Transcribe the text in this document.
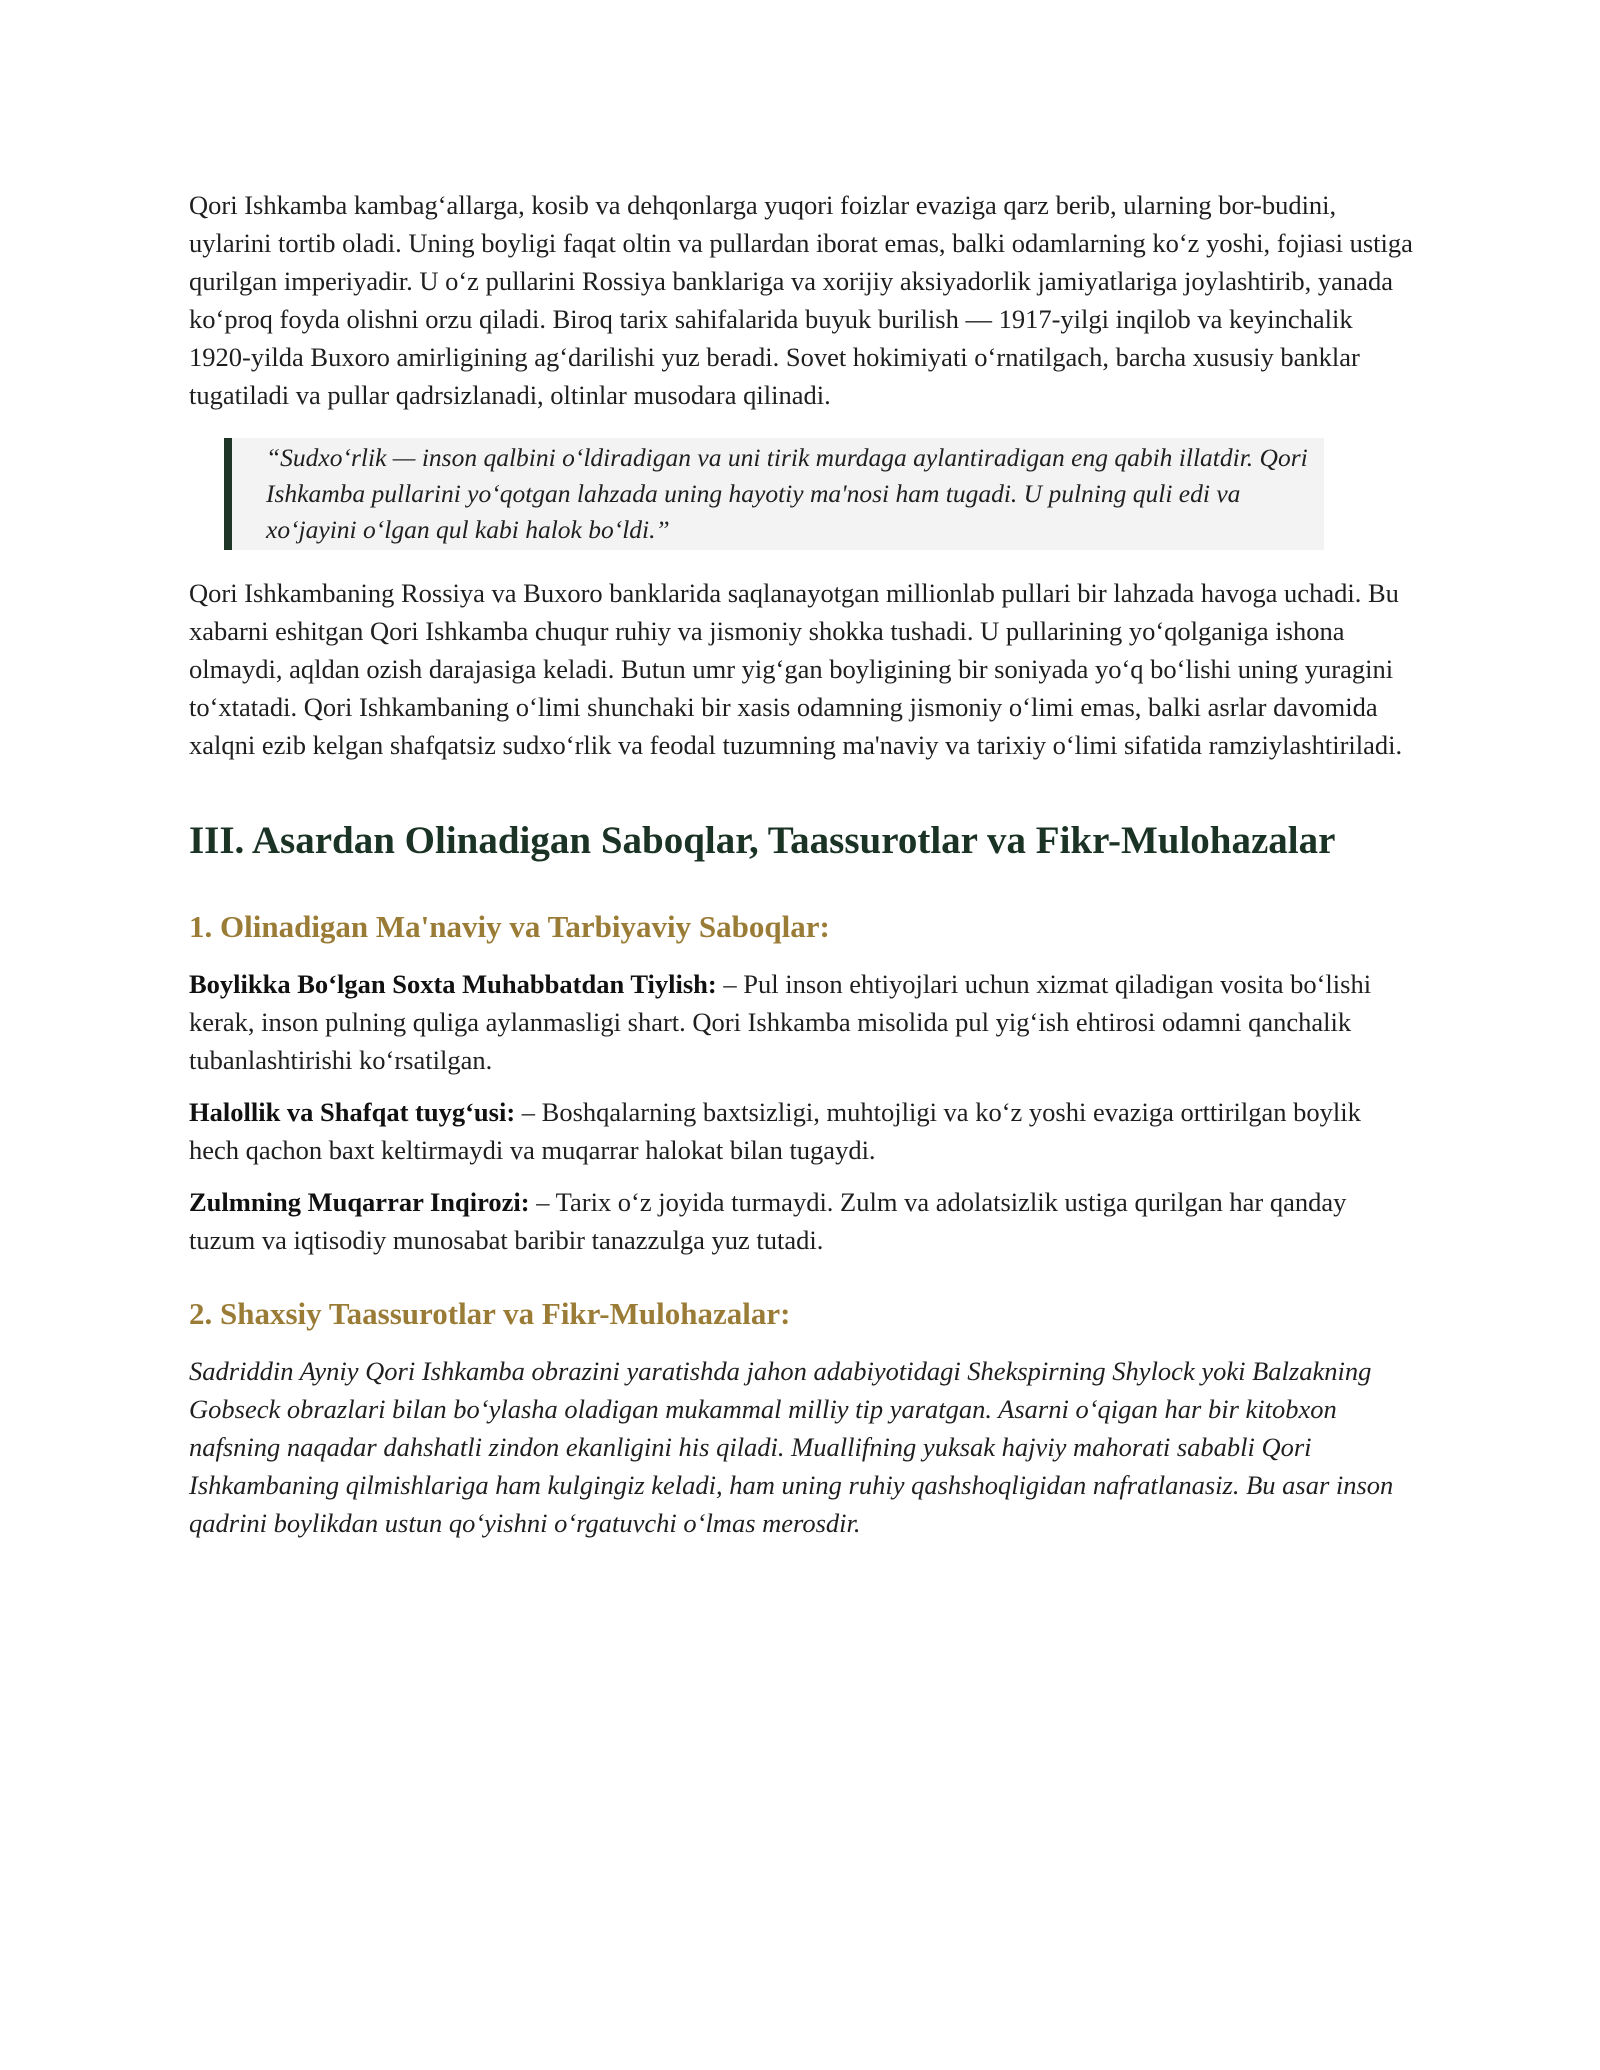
Qori Ishkamba kambagʻallarga, kosib va dehqonlarga yuqori foizlar evaziga qarz berib, ularning bor-budini, uylarini tortib oladi. Uning boyligi faqat oltin va pullardan iborat emas, balki odamlarning koʻz yoshi, fojiasi ustiga qurilgan imperiyadir. U oʻz pullarini Rossiya banklariga va xorijiy aksiyadorlik jamiyatlariga joylashtirib, yanada koʻproq foyda olishni orzu qiladi. Biroq tarix sahifalarida buyuk burilish — 1917-yilgi inqilob va keyinchalik 1920-yilda Buxoro amirligining agʻdarilishi yuz beradi. Sovet hokimiyati oʻrnatilgach, barcha xususiy banklar tugatiladi va pullar qadrsizlanadi, oltinlar musodara qilinadi.

“Sudxoʻrlik — inson qalbini oʻldiradigan va uni tirik murdaga aylantiradigan eng qabih illatdir. Qori Ishkamba pullarini yoʻqotgan lahzada uning hayotiy ma'nosi ham tugadi. U pulning quli edi va xoʻjayini oʻlgan qul kabi halok boʻldi.”

Qori Ishkambaning Rossiya va Buxoro banklarida saqlanayotgan millionlab pullari bir lahzada havoga uchadi. Bu xabarni eshitgan Qori Ishkamba chuqur ruhiy va jismoniy shokka tushadi. U pullarining yoʻqolganiga ishona olmaydi, aqldan ozish darajasiga keladi. Butun umr yigʻgan boyligining bir soniyada yoʻq boʻlishi uning yuragini toʻxtatadi. Qori Ishkambaning oʻlimi shunchaki bir xasis odamning jismoniy oʻlimi emas, balki asrlar davomida xalqni ezib kelgan shafqatsiz sudxoʻrlik va feodal tuzumning ma'naviy va tarixiy oʻlimi sifatida ramziylashtiriladi.

III. Asardan Olinadigan Saboqlar, Taassurotlar va Fikr-Mulohazalar
1. Olinadigan Ma'naviy va Tarbiyaviy Saboqlar:

Boylikka Boʻlgan Soxta Muhabbatdan Tiylish: – Pul inson ehtiyojlari uchun xizmat qiladigan vosita boʻlishi kerak, inson pulning quliga aylanmasligi shart. Qori Ishkamba misolida pul yigʻish ehtirosi odamni qanchalik tubanlashtirishi koʻrsatilgan.

Halollik va Shafqat tuygʻusi: – Boshqalarning baxtsizligi, muhtojligi va koʻz yoshi evaziga orttirilgan boylik hech qachon baxt keltirmaydi va muqarrar halokat bilan tugaydi.

Zulmning Muqarrar Inqirozi: – Tarix oʻz joyida turmaydi. Zulm va adolatsizlik ustiga qurilgan har qanday tuzum va iqtisodiy munosabat baribir tanazzulga yuz tutadi.

2. Shaxsiy Taassurotlar va Fikr-Mulohazalar:

Sadriddin Ayniy Qori Ishkamba obrazini yaratishda jahon adabiyotidagi Shekspirning Shylock yoki Balzakning Gobseck obrazlari bilan boʻylasha oladigan mukammal milliy tip yaratgan. Asarni oʻqigan har bir kitobxon nafsning naqadar dahshatli zindon ekanligini his qiladi. Muallifning yuksak hajviy mahorati sababli Qori Ishkambaning qilmishlariga ham kulgingiz keladi, ham uning ruhiy qashshoqligidan nafratlanasiz. Bu asar inson qadrini boylikdan ustun qoʻyishni oʻrgatuvchi oʻlmas merosdir.
